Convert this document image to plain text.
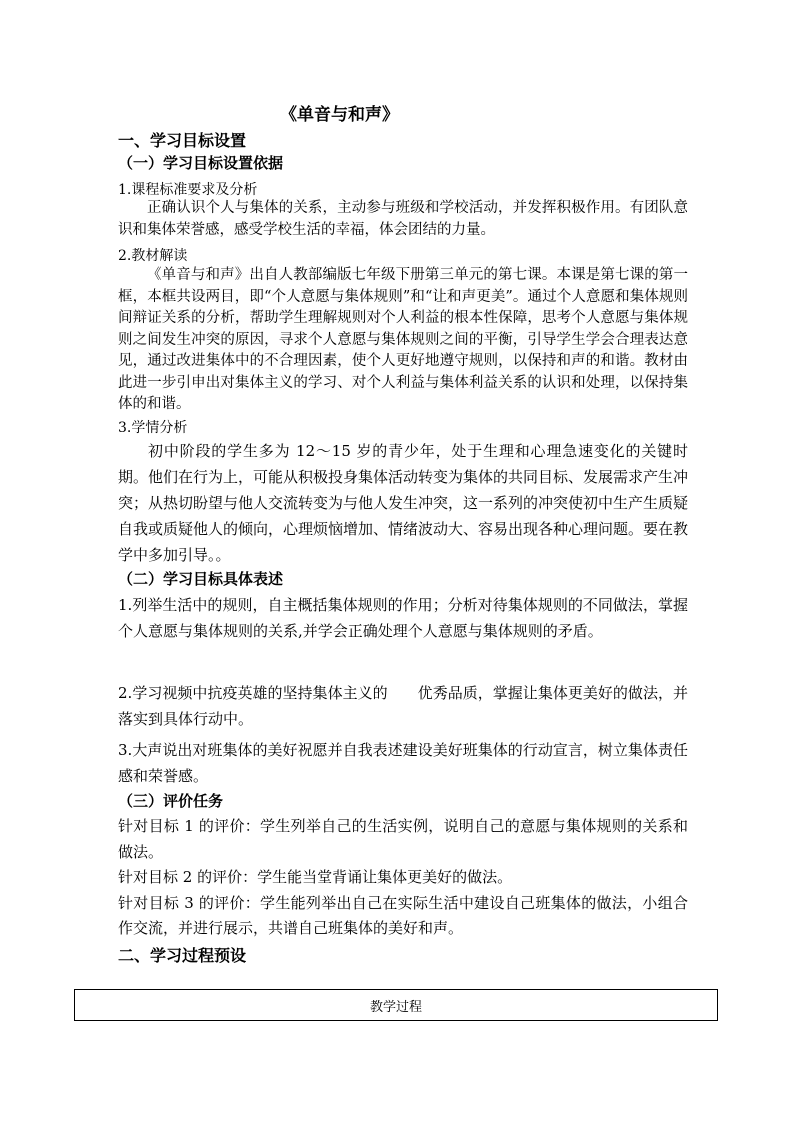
《单音与和声》
一、学习目标设置
（一）学习目标设置依据
1.课程标准要求及分析

正确认识个人与集体的关系，主动参与班级和学校活动，并发挥积极作用。有团队意识和集体荣誉感，感受学校生活的幸福，体会团结的力量。

2.教材解读

《单音与和声》出自人教部编版七年级下册第三单元的第七课。本课是第七课的第一框，本框共设两目，即“个人意愿与集体规则”和“让和声更美”。通过个人意愿和集体规则间辩证关系的分析，帮助学生理解规则对个人利益的根本性保障，思考个人意愿与集体规则之间发生冲突的原因，寻求个人意愿与集体规则之间的平衡，引导学生学会合理表达意见，通过改进集体中的不合理因素，使个人更好地遵守规则，以保持和声的和谐。教材由此进一步引申出对集体主义的学习、对个人利益与集体利益关系的认识和处理，以保持集体的和谐。

3.学情分析

初中阶段的学生多为 12～15 岁的青少年，处于生理和心理急速变化的关键时期。他们在行为上，可能从积极投身集体活动转变为集体的共同目标、发展需求产生冲突；从热切盼望与他人交流转变为与他人发生冲突，这一系列的冲突使初中生产生质疑自我或质疑他人的倾向，心理烦恼增加、情绪波动大、容易出现各种心理问题。要在教学中多加引导。。

（二）学习目标具体表述

1.列举生活中的规则，自主概括集体规则的作用；分析对待集体规则的不同做法，掌握个人意愿与集体规则的关系,并学会正确处理个人意愿与集体规则的矛盾。

2.学习视频中抗疫英雄的坚持集体主义的　　优秀品质，掌握让集体更美好的做法，并落实到具体行动中。

3.大声说出对班集体的美好祝愿并自我表述建设美好班集体的行动宣言，树立集体责任感和荣誉感。

（三）评价任务

针对目标 1 的评价：学生列举自己的生活实例，说明自己的意愿与集体规则的关系和做法。

针对目标 2 的评价：学生能当堂背诵让集体更美好的做法。

针对目标 3 的评价：学生能列举出自己在实际生活中建设自己班集体的做法，小组合作交流，并进行展示，共谱自己班集体的美好和声。

二、学习过程预设
教学过程
